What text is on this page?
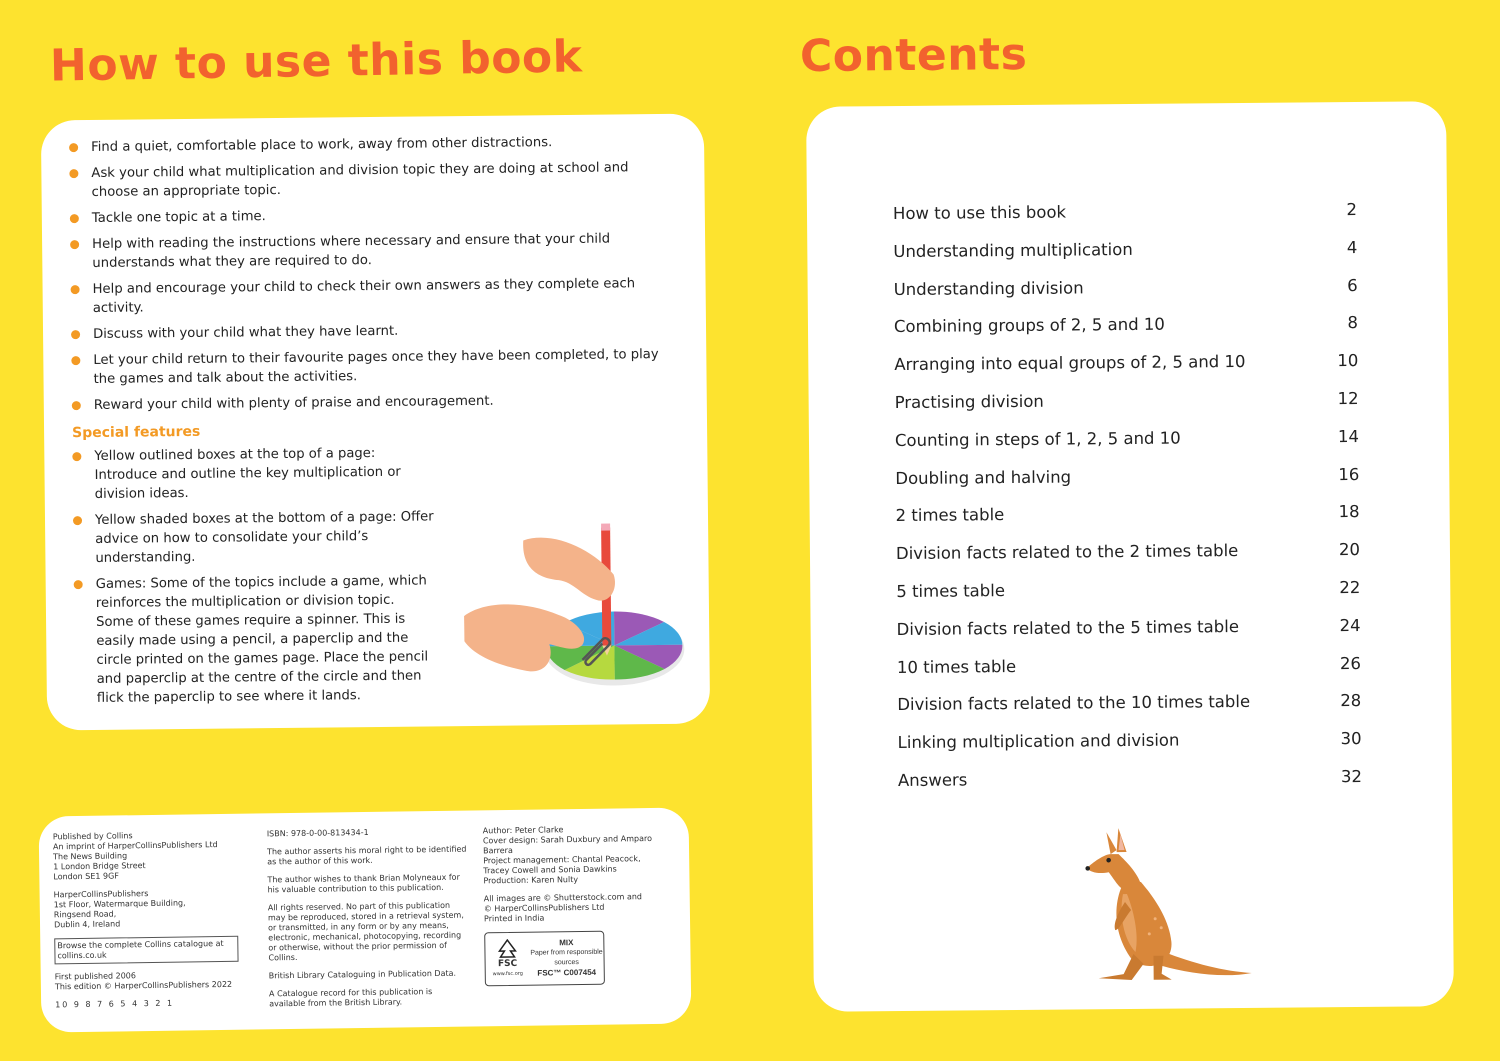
How to use this book	Contents
Find a quiet, comfortable place to work, away from other distractions.
Ask your child what multiplication and division topic they are doing at school and choose an appropriate topic.
Tackle one topic at a time.
Help with reading the instructions where necessary and ensure that your child understands what they are required to do.
Help and encourage your child to check their own answers as they complete each activity.
Discuss with your child what they have learnt.
Let your child return to their favourite pages once they have been completed, to play the games and talk about the activities.
Reward your child with plenty of praise and encouragement.
Special features
Yellow outlined boxes at the top of a page: Introduce and outline the key multiplication or division ideas.
Yellow shaded boxes at the bottom of a page: Offer advice on how to consolidate your child’s understanding.
Games: Some of the topics include a game, which reinforces the multiplication or division topic. Some of these games require a spinner. This is easily made using a pencil, a paperclip and the circle printed on the games page. Place the pencil and paperclip at the centre of the circle and then flick the paperclip to see where it lands.

Published by Collins
An imprint of HarperCollinsPublishers Ltd
The News Building
1 London Bridge Street
London SE1 9GF

HarperCollinsPublishers
1st Floor, Watermarque Building,
Ringsend Road,
Dublin 4, Ireland

Browse the complete Collins catalogue at collins.co.uk

First published 2006
This edition © HarperCollinsPublishers 2022

10 9 8 7 6 5 4 3 2 1

ISBN: 978-0-00-813434-1

The author asserts his moral right to be identified as the author of this work.

The author wishes to thank Brian Molyneaux for his valuable contribution to this publication.

All rights reserved. No part of this publication may be reproduced, stored in a retrieval system, or transmitted, in any form or by any means, electronic, mechanical, photocopying, recording or otherwise, without the prior permission of Collins.

British Library Cataloguing in Publication Data.

A Catalogue record for this publication is available from the British Library.

Author: Peter Clarke
Cover design: Sarah Duxbury and Amparo Barrera
Project management: Chantal Peacock,
Tracey Cowell and Sonia Dawkins
Production: Karen Nulty

All images are © Shutterstock.com and
© HarperCollinsPublishers Ltd
Printed in India

FSC
www.fsc.org
MIX
Paper from responsible sources
FSC™ C007454
How to use this book	2
Understanding multiplication	4
Understanding division	6
Combining groups of 2, 5 and 10	8
Arranging into equal groups of 2, 5 and 10	10
Practising division	12
Counting in steps of 1, 2, 5 and 10	14
Doubling and halving	16
2 times table	18
Division facts related to the 2 times table	20
5 times table	22
Division facts related to the 5 times table	24
10 times table	26
Division facts related to the 10 times table	28
Linking multiplication and division	30
Answers	32
